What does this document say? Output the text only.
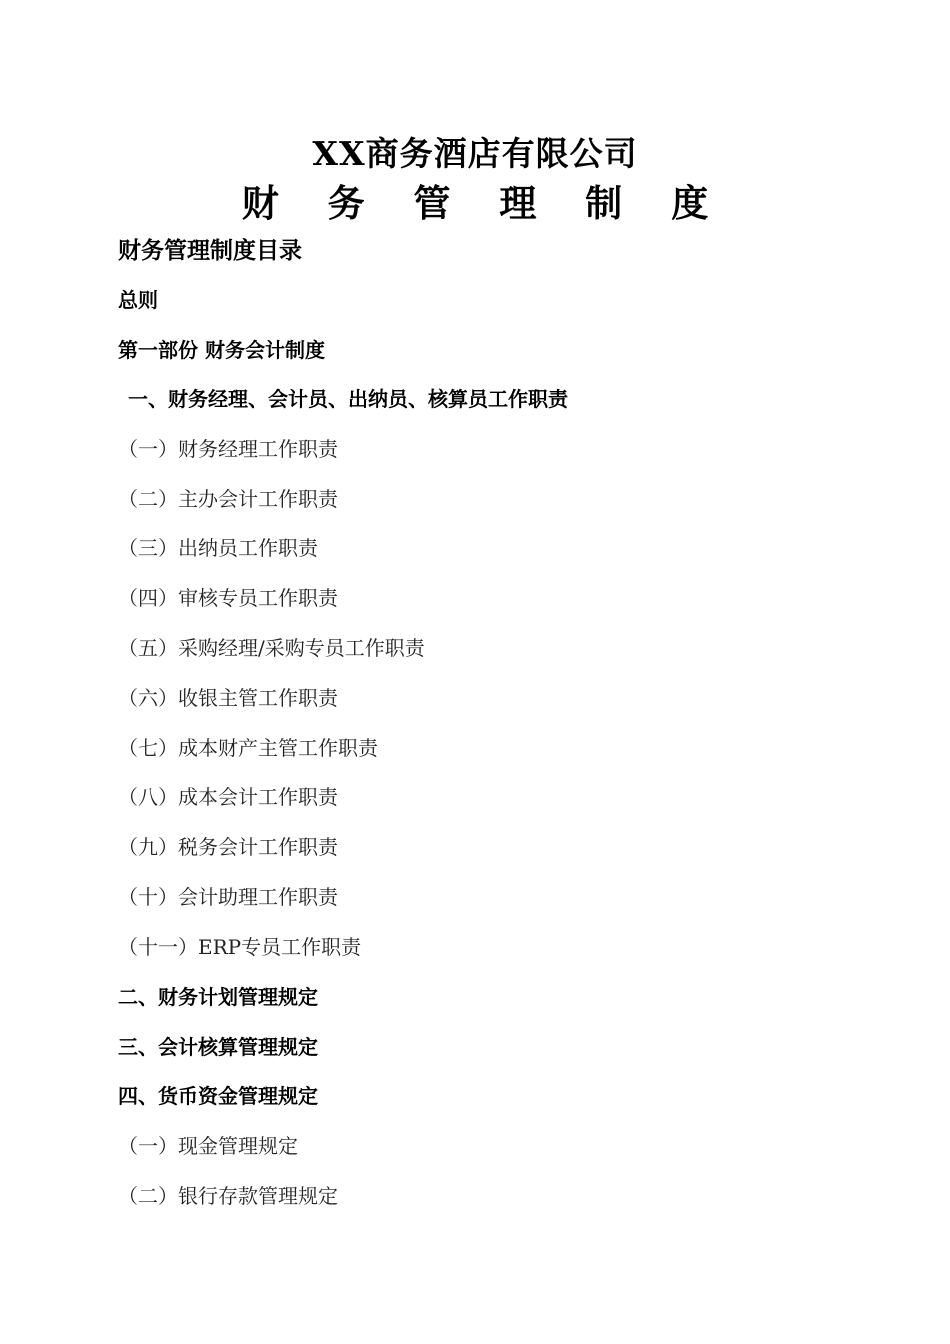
XX商务酒店有限公司
财 务 管 理 制 度
财务管理制度目录
总则
第一部份 财务会计制度
一、财务经理、会计员、出纳员、核算员工作职责
（一）财务经理工作职责
（二）主办会计工作职责
（三）出纳员工作职责
（四）审核专员工作职责
（五）采购经理/采购专员工作职责
（六）收银主管工作职责
（七）成本财产主管工作职责
（八）成本会计工作职责
（九）税务会计工作职责
（十）会计助理工作职责
（十一）ERP专员工作职责
二、财务计划管理规定
三、会计核算管理规定
四、货币资金管理规定
（一）现金管理规定
（二）银行存款管理规定
